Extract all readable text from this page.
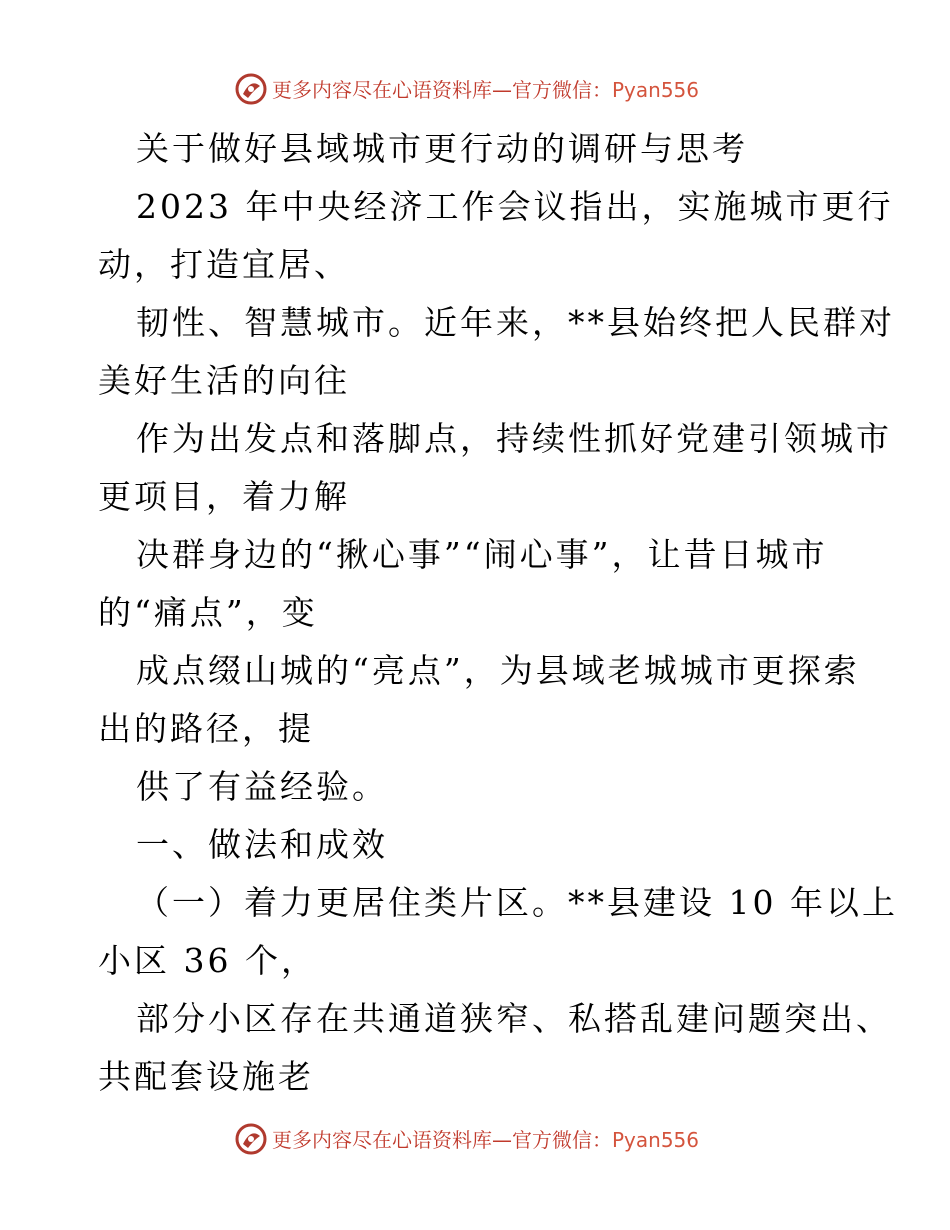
更多内容尽在心语资料库—官方微信：Pyan556
关于做好县域城市更行动的调研与思考
2023 年中央经济工作会议指出，实施城市更行
动，打造宜居、
韧性、智慧城市。近年来，**县始终把人民群对
美好生活的向往
作为出发点和落脚点，持续性抓好党建引领城市
更项目，着力解
决群身边的“揪心事”“闹心事”，让昔日城市
的“痛点”，变
成点缀山城的“亮点”，为县域老城城市更探索
出的路径，提
供了有益经验。
一、做法和成效
（一）着力更居住类片区。**县建设 10 年以上
小区 36 个，
部分小区存在共通道狭窄、私搭乱建问题突出、
共配套设施老
更多内容尽在心语资料库—官方微信：Pyan556
